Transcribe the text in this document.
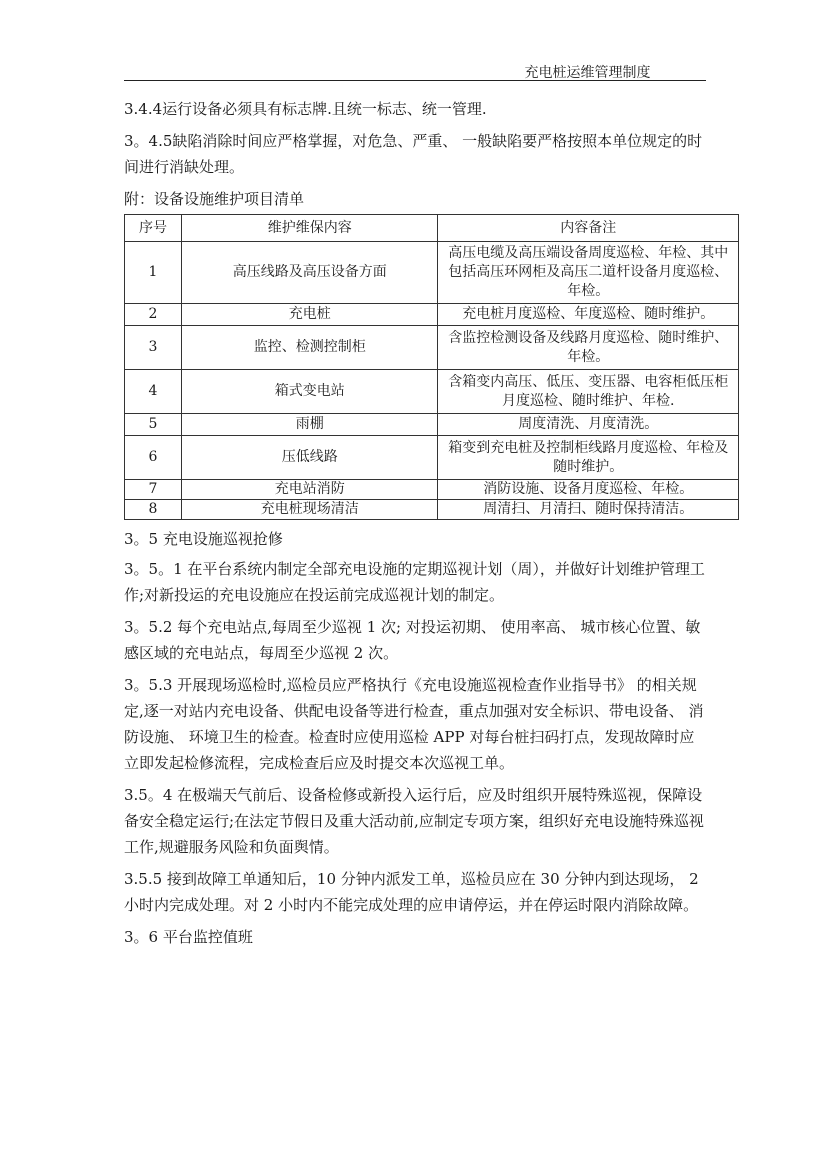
充电桩运维管理制度

3.4.4运行设备必须具有标志牌.且统一标志、统一管理.

3。4.5缺陷消除时间应严格掌握，对危急、严重、 一般缺陷要严格按照本单位规定的时间进行消缺处理。

附：设备设施维护项目清单
序号	维护维保内容	内容备注
1	高压线路及高压设备方面	高压电缆及高压端设备周度巡检、年检、其中包括高压环网柜及高压二道杆设备月度巡检、年检。
2	充电桩	充电桩月度巡检、年度巡检、随时维护。
3	监控、检测控制柜	含监控检测设备及线路月度巡检、随时维护、年检。
4	箱式变电站	含箱变内高压、低压、变压器、电容柜低压柜月度巡检、随时维护、年检.
5	雨棚	周度清洗、月度清洗。
6	压低线路	箱变到充电桩及控制柜线路月度巡检、年检及随时维护。
7	充电站消防	消防设施、设备月度巡检、年检。
8	充电桩现场清洁	周清扫、月清扫、随时保持清洁。

3。5 充电设施巡视抢修

3。5。1 在平台系统内制定全部充电设施的定期巡视计划（周），并做好计划维护管理工作;对新投运的充电设施应在投运前完成巡视计划的制定。

3。5.2 每个充电站点,每周至少巡视 1 次; 对投运初期、 使用率高、 城市核心位置、敏感区域的充电站点，每周至少巡视 2 次。

3。5.3 开展现场巡检时,巡检员应严格执行《充电设施巡视检查作业指导书》 的相关规定,逐一对站内充电设备、供配电设备等进行检查，重点加强对安全标识、带电设备、 消防设施、 环境卫生的检查。检查时应使用巡检 APP 对每台桩扫码打点，发现故障时应立即发起检修流程，完成检查后应及时提交本次巡视工单。

3.5。4 在极端天气前后、设备检修或新投入运行后，应及时组织开展特殊巡视，保障设备安全稳定运行;在法定节假日及重大活动前,应制定专项方案，组织好充电设施特殊巡视工作,规避服务风险和负面舆情。

3.5.5 接到故障工单通知后，10 分钟内派发工单，巡检员应在 30 分钟内到达现场， 2 小时内完成处理。对 2 小时内不能完成处理的应申请停运，并在停运时限内消除故障。

3。6 平台监控值班
